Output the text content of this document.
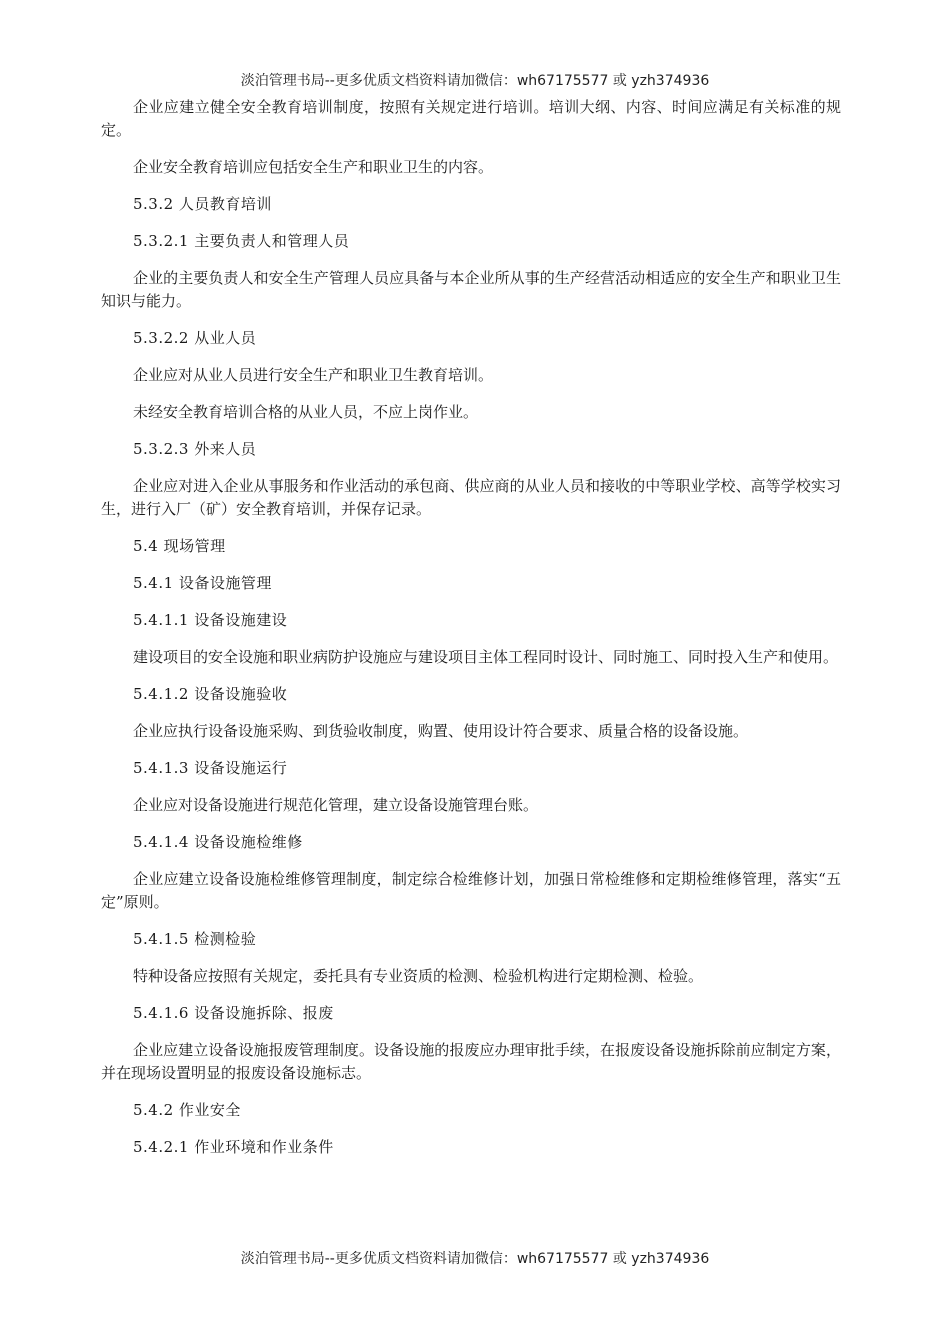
淡泊管理书局--更多优质文档资料请加微信：wh67175577 或 yzh374936

企业应建立健全安全教育培训制度，按照有关规定进行培训。培训大纲、内容、时间应满足有关标准的规定。

企业安全教育培训应包括安全生产和职业卫生的内容。

5.3.2 人员教育培训

5.3.2.1 主要负责人和管理人员

企业的主要负责人和安全生产管理人员应具备与本企业所从事的生产经营活动相适应的安全生产和职业卫生知识与能力。

5.3.2.2 从业人员

企业应对从业人员进行安全生产和职业卫生教育培训。

未经安全教育培训合格的从业人员，不应上岗作业。

5.3.2.3 外来人员

企业应对进入企业从事服务和作业活动的承包商、供应商的从业人员和接收的中等职业学校、高等学校实习生，进行入厂（矿）安全教育培训，并保存记录。

5.4 现场管理

5.4.1 设备设施管理

5.4.1.1 设备设施建设

建设项目的安全设施和职业病防护设施应与建设项目主体工程同时设计、同时施工、同时投入生产和使用。

5.4.1.2 设备设施验收

企业应执行设备设施采购、到货验收制度，购置、使用设计符合要求、质量合格的设备设施。

5.4.1.3 设备设施运行

企业应对设备设施进行规范化管理，建立设备设施管理台账。

5.4.1.4 设备设施检维修

企业应建立设备设施检维修管理制度，制定综合检维修计划，加强日常检维修和定期检维修管理，落实“五定”原则。

5.4.1.5 检测检验

特种设备应按照有关规定，委托具有专业资质的检测、检验机构进行定期检测、检验。

5.4.1.6 设备设施拆除、报废

企业应建立设备设施报废管理制度。设备设施的报废应办理审批手续，在报废设备设施拆除前应制定方案，并在现场设置明显的报废设备设施标志。

5.4.2 作业安全

5.4.2.1 作业环境和作业条件

淡泊管理书局--更多优质文档资料请加微信：wh67175577 或 yzh374936
